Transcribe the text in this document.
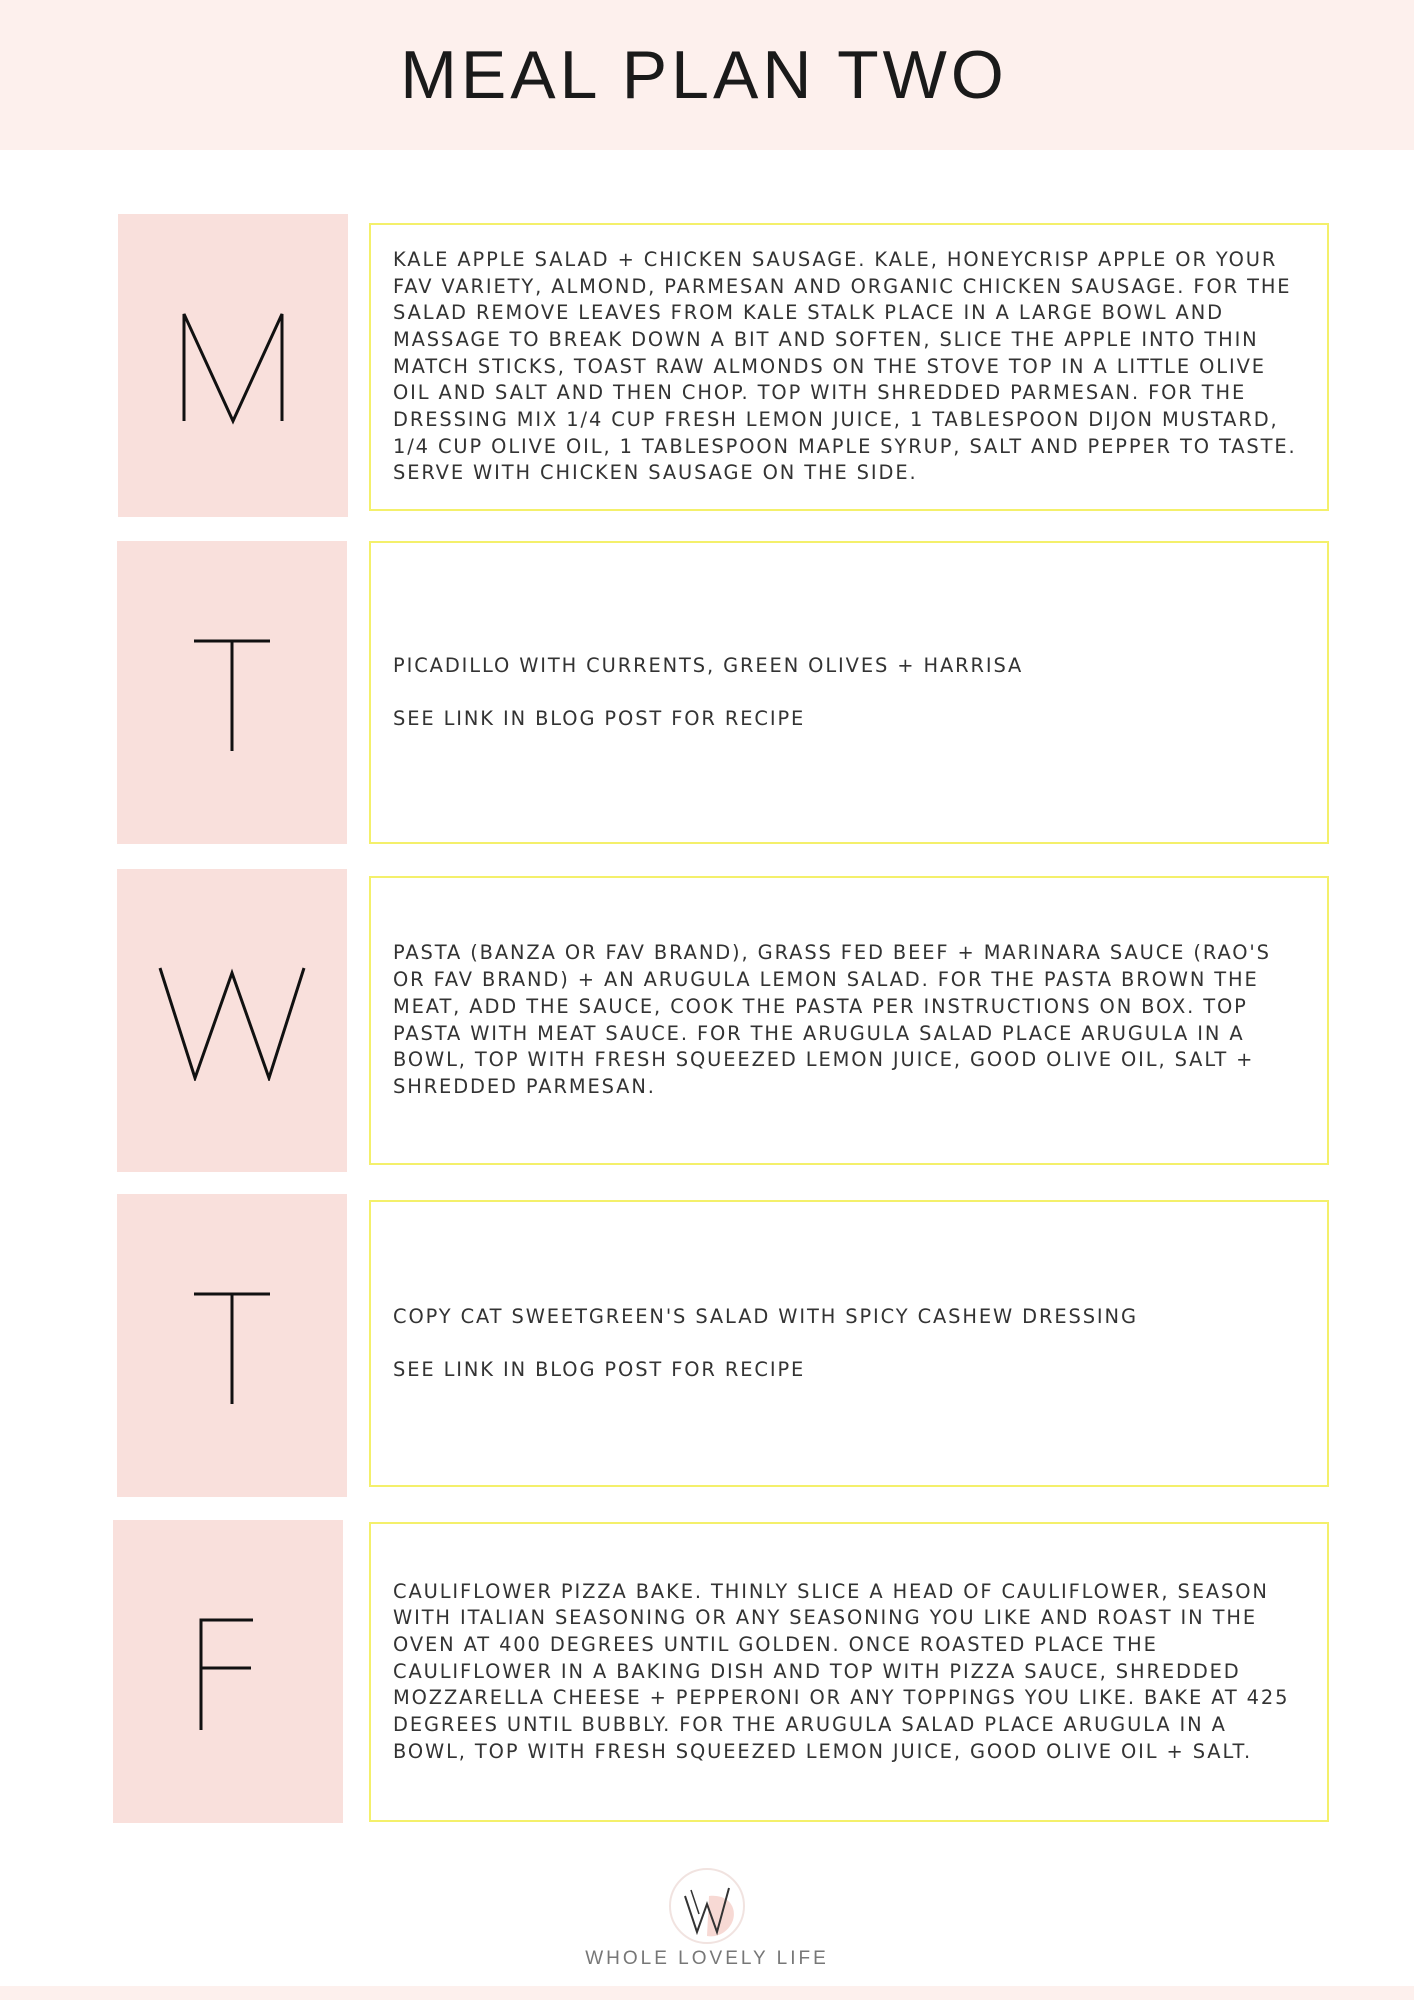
MEAL PLAN TWO

KALE APPLE SALAD + CHICKEN SAUSAGE. KALE, HONEYCRISP APPLE OR YOUR FAV VARIETY, ALMOND, PARMESAN AND ORGANIC CHICKEN SAUSAGE. FOR THE SALAD REMOVE LEAVES FROM KALE STALK PLACE IN A LARGE BOWL AND MASSAGE TO BREAK DOWN A BIT AND SOFTEN, SLICE THE APPLE INTO THIN MATCH STICKS, TOAST RAW ALMONDS ON THE STOVE TOP IN A LITTLE OLIVE OIL AND SALT AND THEN CHOP. TOP WITH SHREDDED PARMESAN. FOR THE DRESSING MIX 1/4 CUP FRESH LEMON JUICE, 1 TABLESPOON DIJON MUSTARD, 1/4 CUP OLIVE OIL, 1 TABLESPOON MAPLE SYRUP, SALT AND PEPPER TO TASTE. SERVE WITH CHICKEN SAUSAGE ON THE SIDE.

PICADILLO WITH CURRENTS, GREEN OLIVES + HARRISA

SEE LINK IN BLOG POST FOR RECIPE

PASTA (BANZA OR FAV BRAND), GRASS FED BEEF + MARINARA SAUCE (RAO'S OR FAV BRAND) + AN ARUGULA LEMON SALAD. FOR THE PASTA BROWN THE MEAT, ADD THE SAUCE, COOK THE PASTA PER INSTRUCTIONS ON BOX. TOP PASTA WITH MEAT SAUCE. FOR THE ARUGULA SALAD PLACE ARUGULA IN A BOWL, TOP WITH FRESH SQUEEZED LEMON JUICE, GOOD OLIVE OIL, SALT + SHREDDED PARMESAN.

COPY CAT SWEETGREEN'S SALAD WITH SPICY CASHEW DRESSING

SEE LINK IN BLOG POST FOR RECIPE

CAULIFLOWER PIZZA BAKE. THINLY SLICE A HEAD OF CAULIFLOWER, SEASON WITH ITALIAN SEASONING OR ANY SEASONING YOU LIKE AND ROAST IN THE OVEN AT 400 DEGREES UNTIL GOLDEN. ONCE ROASTED PLACE THE CAULIFLOWER IN A BAKING DISH AND TOP WITH PIZZA SAUCE, SHREDDED MOZZARELLA CHEESE + PEPPERONI OR ANY TOPPINGS YOU LIKE. BAKE AT 425 DEGREES UNTIL BUBBLY. FOR THE ARUGULA SALAD PLACE ARUGULA IN A BOWL, TOP WITH FRESH SQUEEZED LEMON JUICE, GOOD OLIVE OIL + SALT.

WHOLE LOVELY LIFE
